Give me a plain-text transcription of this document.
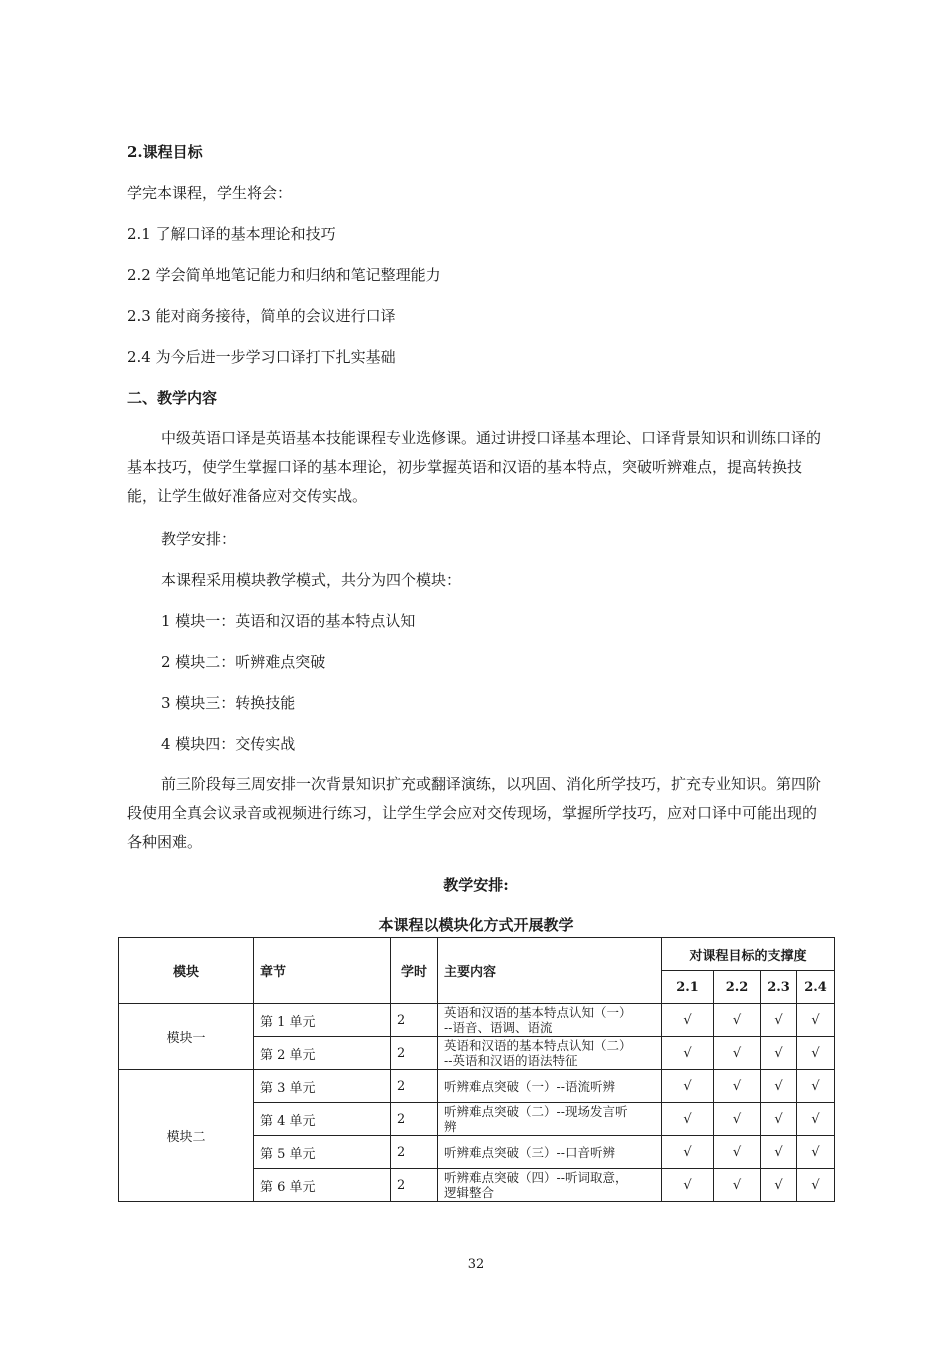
2.课程目标
学完本课程，学生将会：
2.1 了解口译的基本理论和技巧
2.2 学会简单地笔记能力和归纳和笔记整理能力
2.3 能对商务接待，简单的会议进行口译
2.4 为今后进一步学习口译打下扎实基础
二、教学内容
中级英语口译是英语基本技能课程专业选修课。通过讲授口译基本理论、口译背景知识和训练口译的基本技巧，使学生掌握口译的基本理论，初步掌握英语和汉语的基本特点，突破听辨难点，提高转换技能，让学生做好准备应对交传实战。
教学安排：
本课程采用模块教学模式，共分为四个模块：
1 模块一：英语和汉语的基本特点认知
2 模块二：听辨难点突破
3 模块三：转换技能
4 模块四：交传实战
前三阶段每三周安排一次背景知识扩充或翻译演练，以巩固、消化所学技巧，扩充专业知识。第四阶段使用全真会议录音或视频进行练习，让学生学会应对交传现场，掌握所学技巧，应对口译中可能出现的各种困难。
教学安排:
本课程以模块化方式开展教学
模块	章节	学时	主要内容	对课程目标的支撑度			
				2.1	2.2	2.3	2.4
模块一	第 1 单元	2	英语和汉语的基本特点认知（一）
--语音、语调、语流	√	√	√	√
	第 2 单元	2	英语和汉语的基本特点认知（二）
--英语和汉语的语法特征	√	√	√	√
模块二	第 3 单元	2	听辨难点突破（一）--语流听辨	√	√	√	√
	第 4 单元	2	听辨难点突破（二）--现场发言听
辨	√	√	√	√
	第 5 单元	2	听辨难点突破（三）--口音听辨	√	√	√	√
	第 6 单元	2	听辨难点突破（四）--听词取意，
逻辑整合	√	√	√	√
32
